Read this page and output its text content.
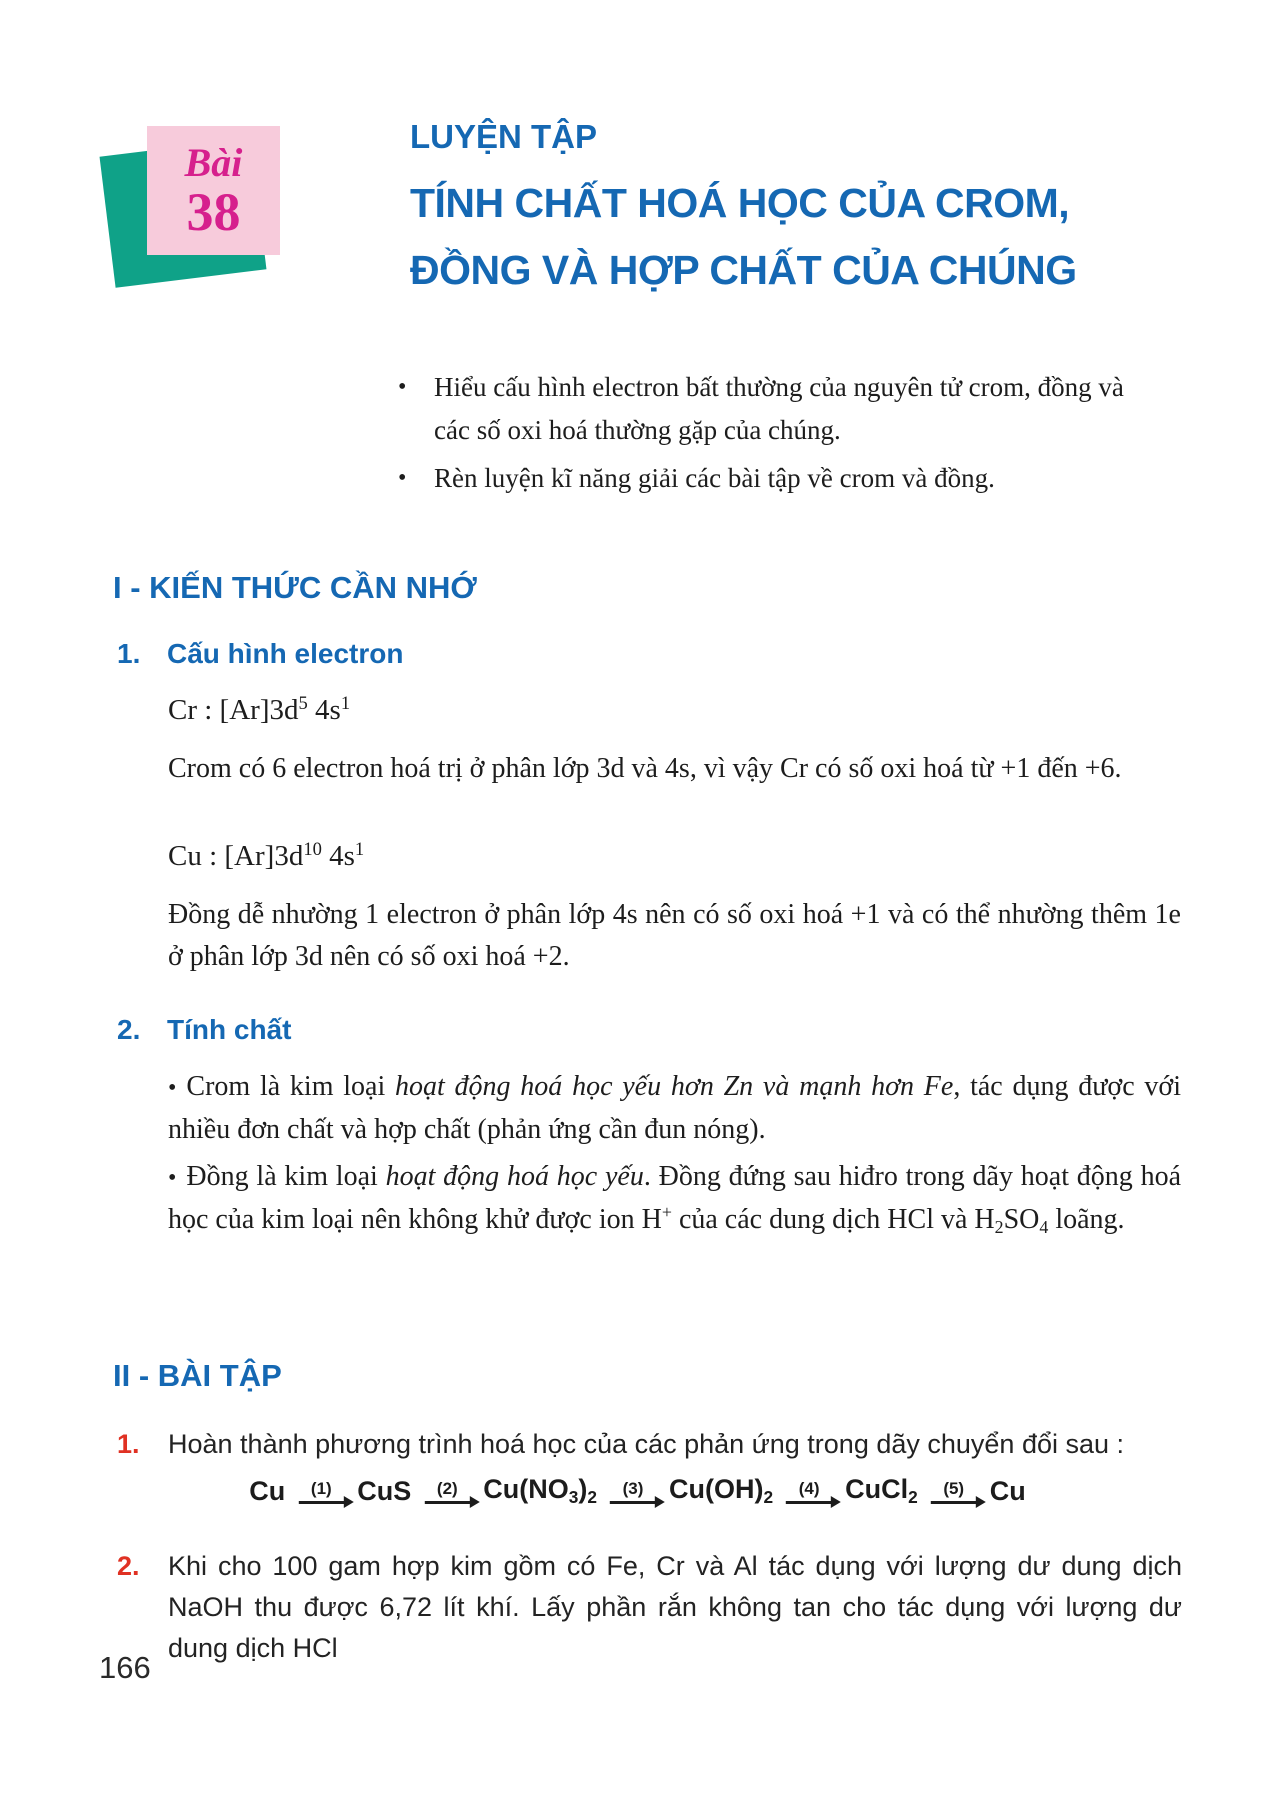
Bài
38
LUYỆN TẬP
TÍNH CHẤT HOÁ HỌC CỦA CROM,
ĐỒNG VÀ HỢP CHẤT CỦA CHÚNG
•	Hiểu cấu hình electron bất thường của nguyên tử crom, đồng và các số oxi hoá thường gặp của chúng.
•	Rèn luyện kĩ năng giải các bài tập về crom và đồng.
I - KIẾN THỨC CẦN NHỚ
1. Cấu hình electron

Cr : $[Ar]3d^5$ $4s^1$

Crom có 6 electron hoá trị ở phân lớp 3d và 4s, vì vậy Cr có số oxi hoá từ +1 đến +6.

Cu : $[Ar]3d^{10}$ $4s^1$

Đồng dễ nhường 1 electron ở phân lớp 4s nên có số oxi hoá +1 và có thể nhường thêm 1e ở phân lớp 3d nên có số oxi hoá +2.

2. Tính chất

• Crom là kim loại hoạt động hoá học yếu hơn Zn và mạnh hơn Fe, tác dụng được với nhiều đơn chất và hợp chất (phản ứng cần đun nóng).

• Đồng là kim loại hoạt động hoá học yếu. Đồng đứng sau hiđro trong dãy hoạt động hoá học của kim loại nên không khử được ion H+ của các dung dịch HCl và $H_2SO_4$ loãng.

II - BÀI TẬP
1.	Hoàn thành phương trình hoá học của các phản ứng trong dãy chuyển đổi sau :
Cu (1) CuS (2) $Cu(NO_3)_2$ (3) $Cu(OH)_2$ (4) CuCl$_2$ (5) Cu
2.	Khi cho 100 gam hợp kim gồm có Fe, Cr và Al tác dụng với lượng dư dung dịch NaOH thu được 6,72 lít khí. Lấy phần rắn không tan cho tác dụng với lượng dư dung dịch HCl
166
